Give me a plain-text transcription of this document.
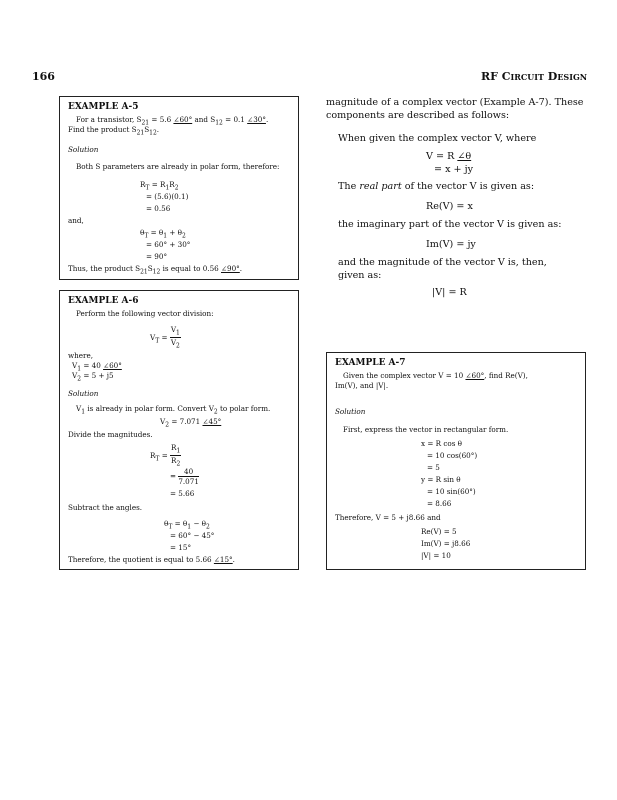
166	RF Circuit Design
EXAMPLE A-5
For a transistor, $S_{21} = 5.6$ ∠60° and $S_{12} = 0.1$ ∠30°.
Find the product $S_{21}S_{12}$.
Solution
Both S parameters are already in polar form, therefore:
$R_T = R_1R_2$
= (5.6)(0.1)
= 0.56
and,
$\theta_T = \theta_1 + \theta_2$
= 60° + 30°
= 90°
Thus, the product $S_{21}S_{12}$ is equal to 0.56 ∠90°.
EXAMPLE A-6
Perform the following vector division:
$V_T = \frac{V_1}{V_2}$
where,
$V_1 = 40$ ∠60°
$V_2 = 5 + j5$
Solution
$V_1$ is already in polar form. Convert $V_2$ to polar form.
$V_2 = 7.071$ ∠45°
Divide the magnitudes.
$R_T = \frac{R_1}{R_2}$
= $\frac{40}{7.071}$
= 5.66
Subtract the angles.
$\theta_T = \theta_1 - \theta_2$
= 60° − 45°
= 15°
Therefore, the quotient is equal to 5.66 ∠15°.
magnitude of a complex vector (Example A-7). These
components are described as follows:
When given the complex vector V, where
V = R ∠θ
= x + jy
The real part of the vector V is given as:
Re(V) = x
the imaginary part of the vector V is given as:
Im(V) = jy
and the magnitude of the vector V is, then,
given as:
|V| = R
EXAMPLE A-7
Given the complex vector V = 10 ∠60°, find Re(V),
Im(V), and |V|.
Solution
First, express the vector in rectangular form.
x = R cos θ
= 10 cos(60°)
= 5
y = R sin θ
= 10 sin(60°)
= 8.66
Therefore, V = 5 + j8.66 and
Re(V) = 5
Im(V) = j8.66
|V| = 10
